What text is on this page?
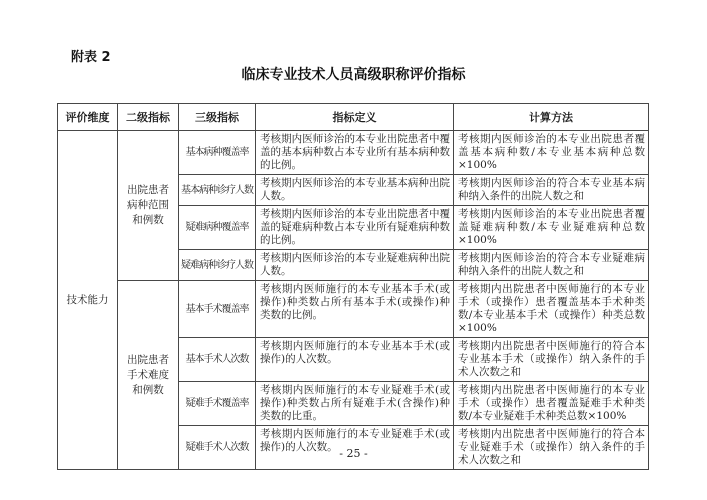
附表 2
临床专业技术人员高级职称评价指标
评价维度	二级指标	三级指标	指标定义	计算方法
技术能力	出院患者病种范围和例数	基本病种覆盖率	考核期内医师诊治的本专业出院患者中覆盖的基本病种数占本专业所有基本病种数的比例。	考核期内医师诊治的本专业出院患者覆盖基本病种数/本专业基本病种总数×100%
		基本病种诊疗人数	考核期内医师诊治的本专业基本病种出院人数。	考核期内医师诊治的符合本专业基本病种纳入条件的出院人数之和
		疑难病种覆盖率	考核期内医师诊治的本专业出院患者中覆盖的疑难病种数占本专业所有疑难病种数的比例。	考核期内医师诊治的本专业出院患者覆盖疑难病种数/本专业疑难病种总数×100%
		疑难病种诊疗人数	考核期内医师诊治的本专业疑难病种出院人数。	考核期内医师诊治的符合本专业疑难病种纳入条件的出院人数之和
	出院患者手术难度和例数	基本手术覆盖率	考核期内医师施行的本专业基本手术(或操作)种类数占所有基本手术(或操作)种类数的比例。	考核期内出院患者中医师施行的本专业手术（或操作）患者覆盖基本手术种类数/本专业基本手术（或操作）种类总数×100%
		基本手术人次数	考核期内医师施行的本专业基本手术(或操作)的人次数。	考核期内出院患者中医师施行的符合本专业基本手术（或操作）纳入条件的手术人次数之和
		疑难手术覆盖率	考核期内医师施行的本专业疑难手术(或操作)种类数占所有疑难手术(含操作)种类数的比重。	考核期内出院患者中医师施行的本专业手术（或操作）患者覆盖疑难手术种类数/本专业疑难手术种类总数×100%
		疑难手术人次数	考核期内医师施行的本专业疑难手术(或操作)的人次数。	考核期内出院患者中医师施行的符合本专业疑难手术（或操作）纳入条件的手术人次数之和
- 25 -
